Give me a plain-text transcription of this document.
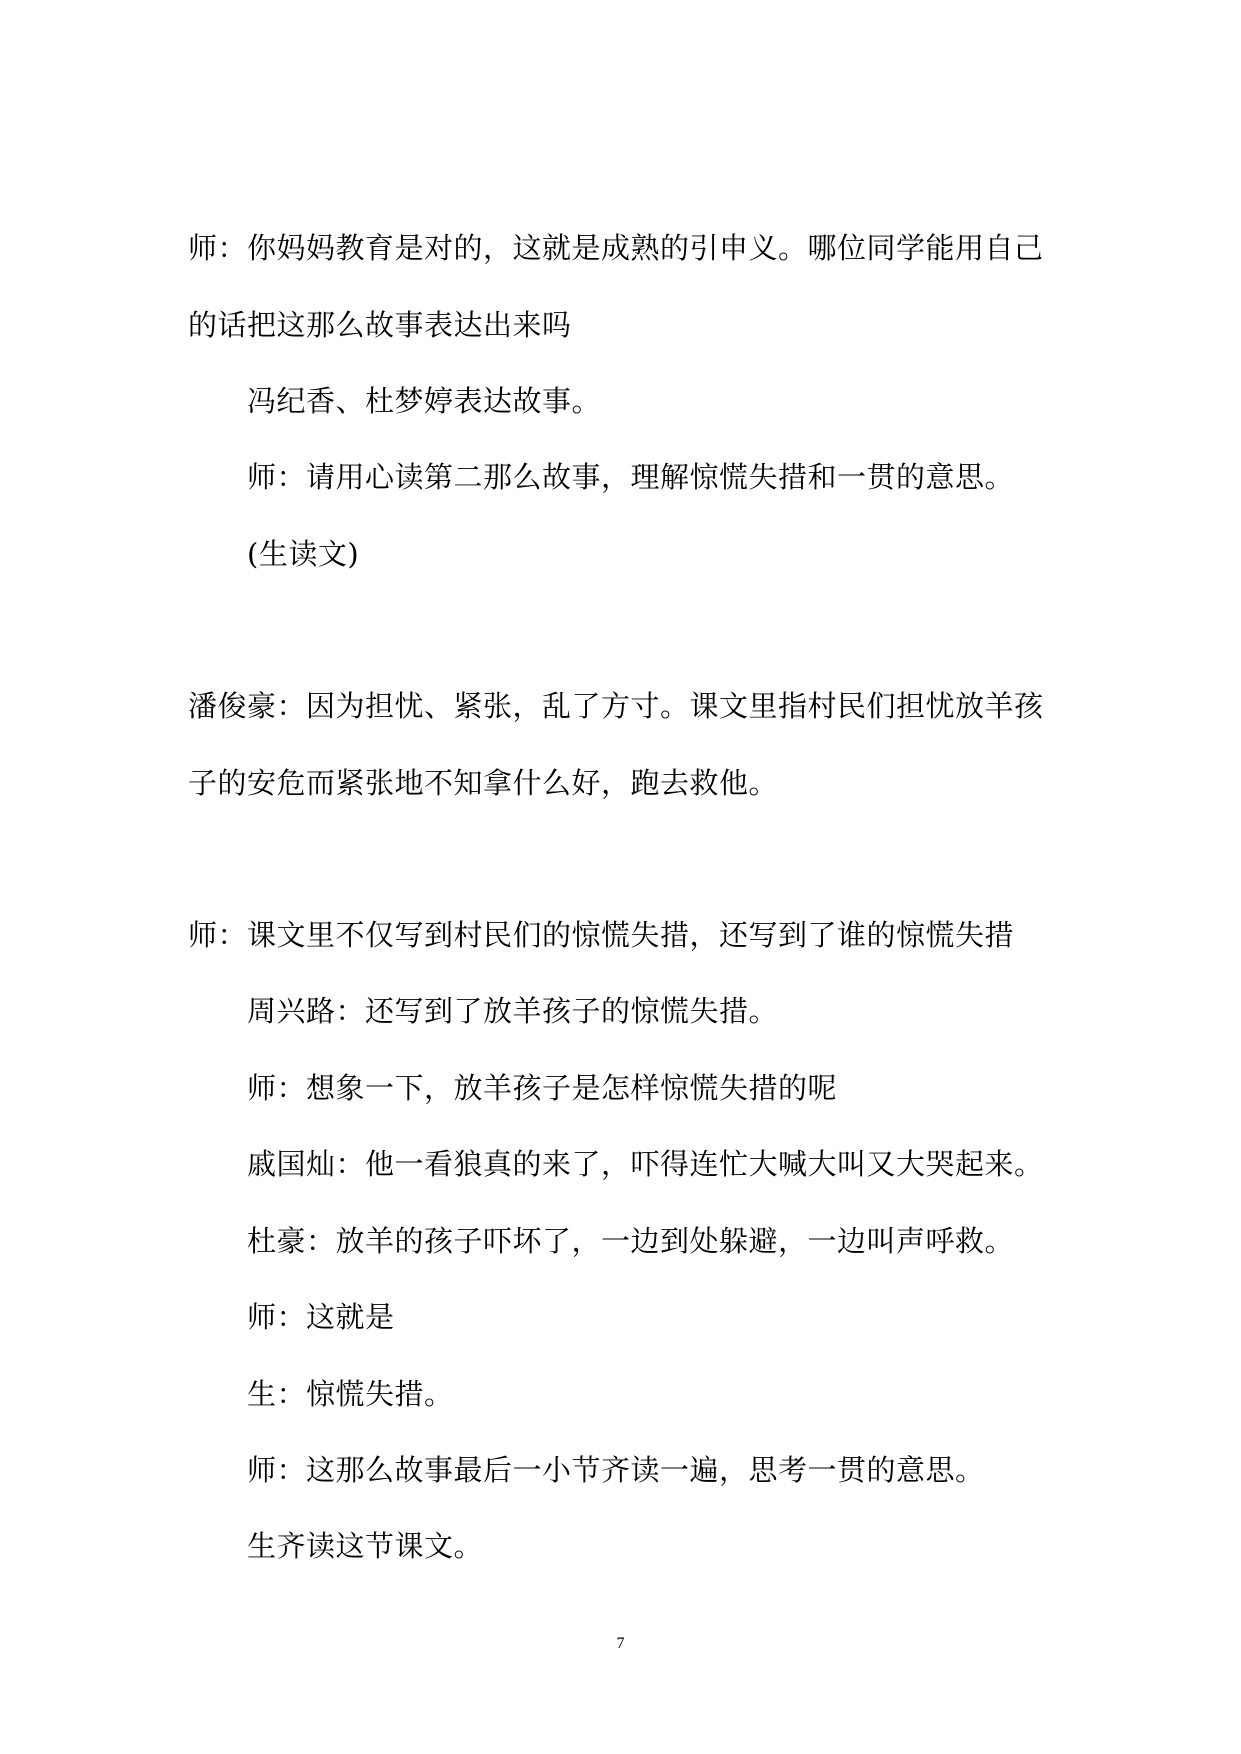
师：你妈妈教育是对的，这就是成熟的引申义。哪位同学能用自己
的话把这那么故事表达出来吗
冯纪香、杜梦婷表达故事。
师：请用心读第二那么故事，理解惊慌失措和一贯的意思。
(生读文)
潘俊豪：因为担忧、紧张，乱了方寸。课文里指村民们担忧放羊孩
子的安危而紧张地不知拿什么好，跑去救他。
师：课文里不仅写到村民们的惊慌失措，还写到了谁的惊慌失措
周兴路：还写到了放羊孩子的惊慌失措。
师：想象一下，放羊孩子是怎样惊慌失措的呢
戚国灿：他一看狼真的来了，吓得连忙大喊大叫又大哭起来。
杜豪：放羊的孩子吓坏了，一边到处躲避，一边叫声呼救。
师：这就是
生：惊慌失措。
师：这那么故事最后一小节齐读一遍，思考一贯的意思。
生齐读这节课文。
7
